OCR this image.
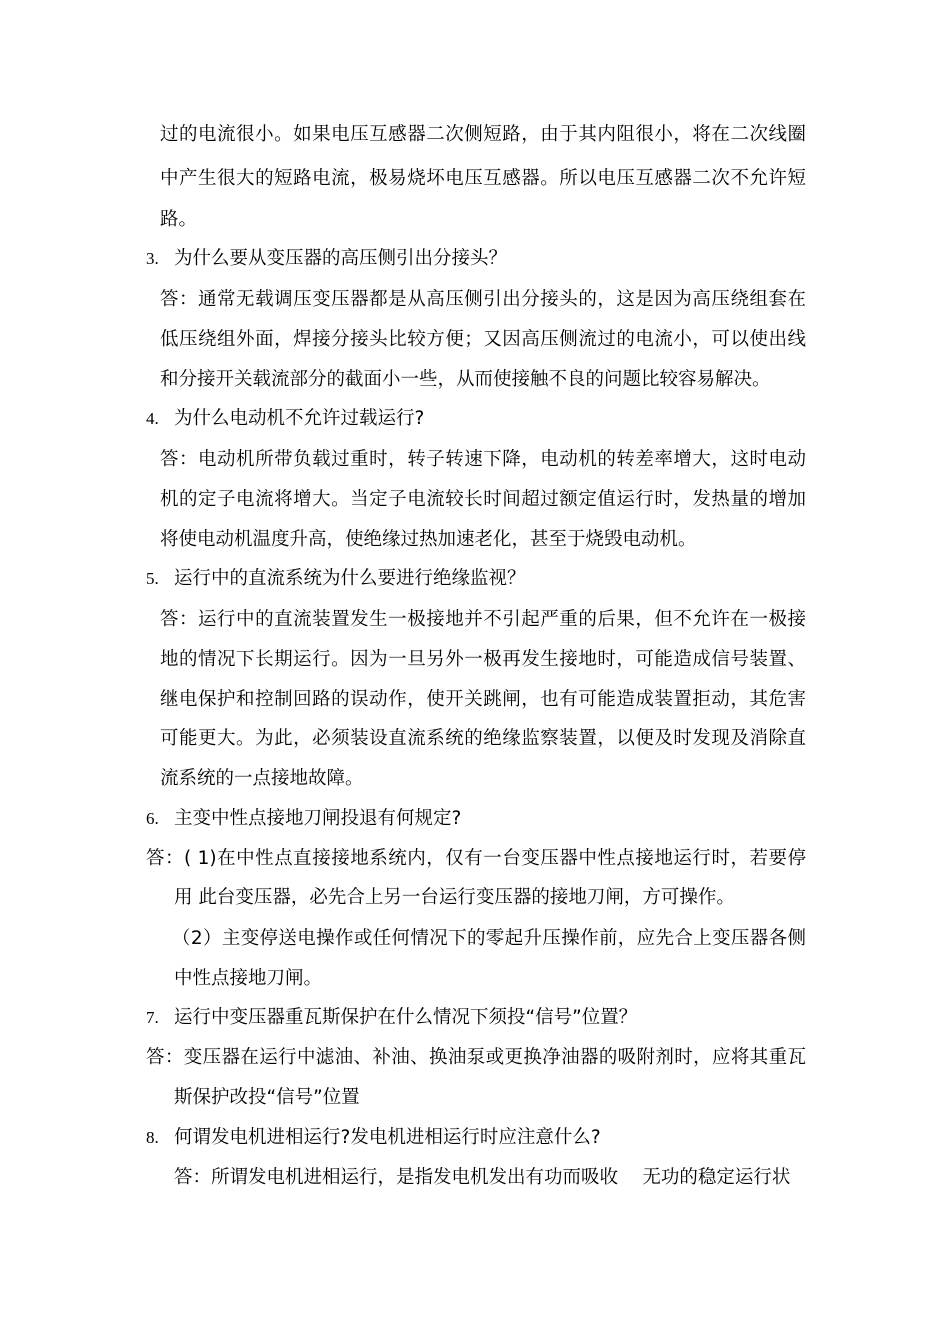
过的电流很小。如果电压互感器二次侧短路，由于其内阻很小，将在二次线圈
中产生很大的短路电流，极易烧坏电压互感器。所以电压互感器二次不允许短
路。
3. 为什么要从变压器的高压侧引出分接头？
答：通常无载调压变压器都是从高压侧引出分接头的，这是因为高压绕组套在
低压绕组外面，焊接分接头比较方便；又因高压侧流过的电流小，可以使出线
和分接开关载流部分的截面小一些，从而使接触不良的问题比较容易解决。
4. 为什么电动机不允许过载运行?
答：电动机所带负载过重时，转子转速下降，电动机的转差率增大，这时电动
机的定子电流将增大。当定子电流较长时间超过额定值运行时，发热量的增加
将使电动机温度升高，使绝缘过热加速老化，甚至于烧毁电动机。
5. 运行中的直流系统为什么要进行绝缘监视？
答：运行中的直流装置发生一极接地并不引起严重的后果，但不允许在一极接
地的情况下长期运行。因为一旦另外一极再发生接地时，可能造成信号装置、
继电保护和控制回路的误动作，使开关跳闸，也有可能造成装置拒动，其危害
可能更大。为此，必须装设直流系统的绝缘监察装置，以便及时发现及消除直
流系统的一点接地故障。
6. 主变中性点接地刀闸投退有何规定?
答：( 1)在中性点直接接地系统内，仅有一台变压器中性点接地运行时，若要停
用 此台变压器，必先合上另一台运行变压器的接地刀闸，方可操作。
（2）主变停送电操作或任何情况下的零起升压操作前，应先合上变压器各侧
中性点接地刀闸。
7. 运行中变压器重瓦斯保护在什么情况下须投“信号”位置？
答：变压器在运行中滤油、补油、换油泵或更换净油器的吸附剂时，应将其重瓦
斯保护改投“信号”位置
8. 何谓发电机进相运行?发电机进相运行时应注意什么?
答：所谓发电机进相运行，是指发电机发出有功而吸收　 无功的稳定运行状
